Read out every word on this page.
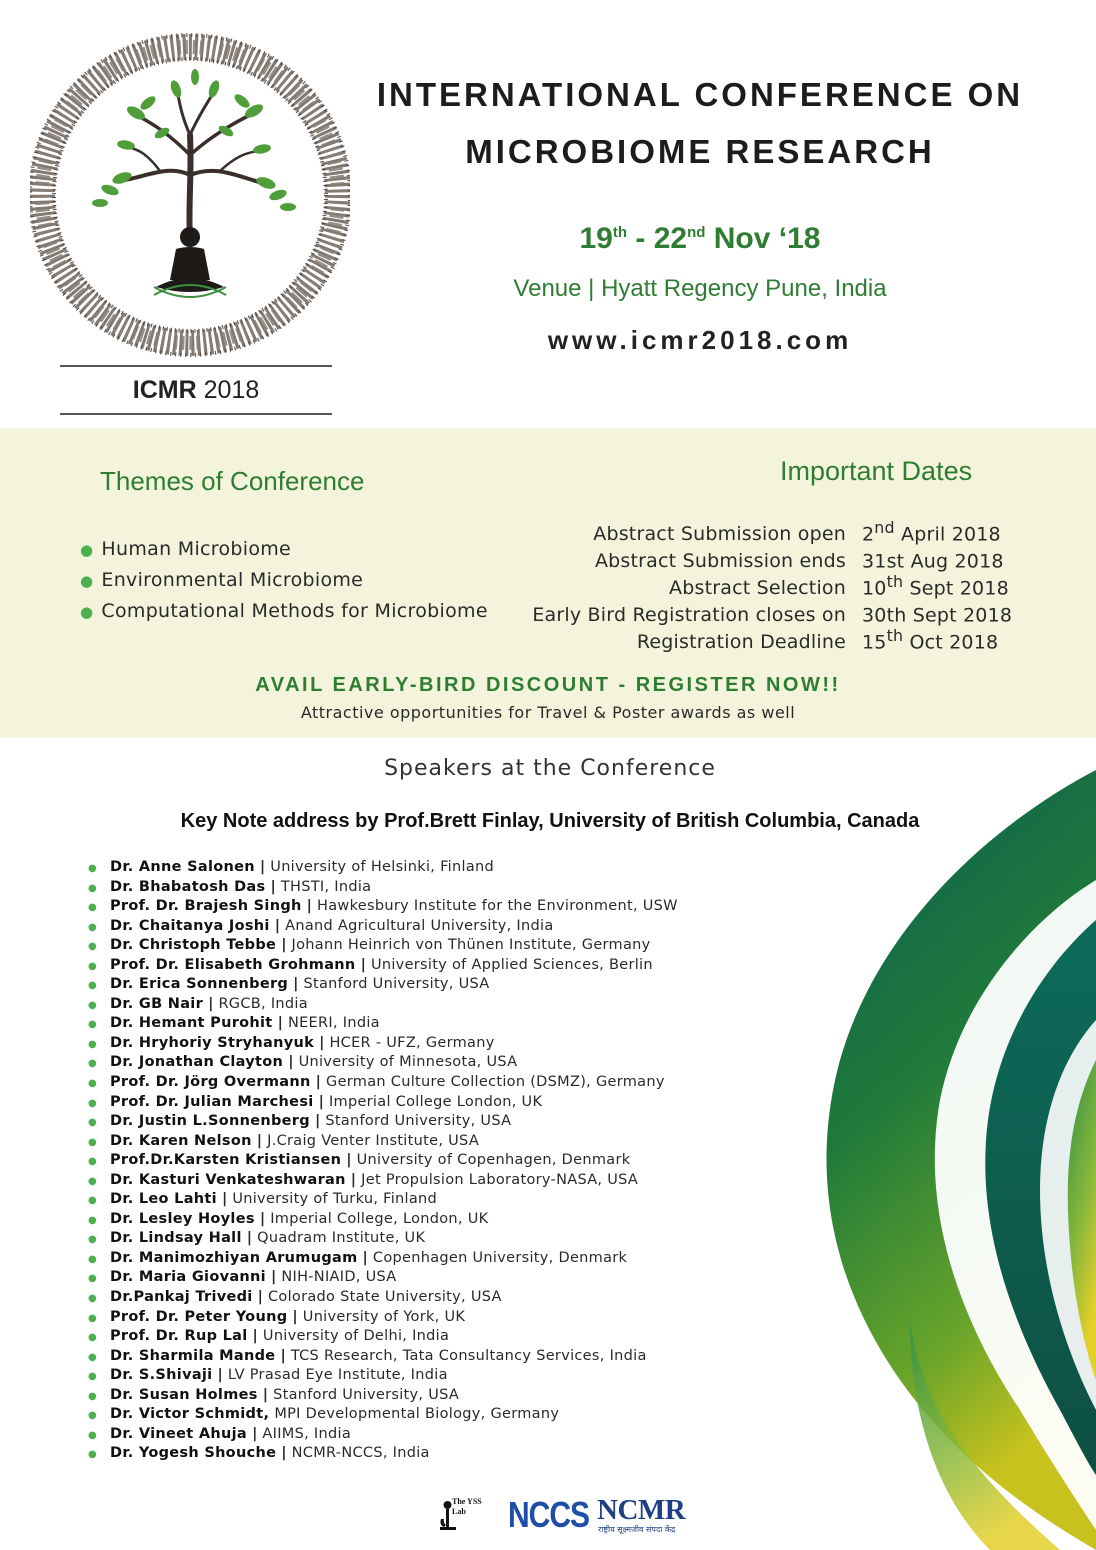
ICMR 2018
INTERNATIONAL CONFERENCE ON
MICROBIOME RESEARCH
19th - 22nd Nov ‘18
Venue | Hyatt Regency Pune, India
www.icmr2018.com
Themes of Conference
● Human Microbiome
● Environmental Microbiome
● Computational Methods for Microbiome
Important Dates
Abstract Submission open 2nd April 2018
Abstract Submission ends 31st Aug 2018
Abstract Selection 10th Sept 2018
Early Bird Registration closes on 30th Sept 2018
Registration Deadline 15th Oct 2018
AVAIL EARLY-BIRD DISCOUNT - REGISTER NOW!!
Attractive opportunities for Travel & Poster awards as well
Speakers at the Conference
Key Note address by Prof.Brett Finlay, University of British Columbia, Canada
● Dr. Anne Salonen | University of Helsinki, Finland
● Dr. Bhabatosh Das | THSTI, India
● Prof. Dr. Brajesh Singh | Hawkesbury Institute for the Environment, USW
● Dr. Chaitanya Joshi | Anand Agricultural University, India
● Dr. Christoph Tebbe | Johann Heinrich von Thünen Institute, Germany
● Prof. Dr. Elisabeth Grohmann | University of Applied Sciences, Berlin
● Dr. Erica Sonnenberg | Stanford University, USA
● Dr. GB Nair | RGCB, India
● Dr. Hemant Purohit | NEERI, India
● Dr. Hryhoriy Stryhanyuk | HCER - UFZ, Germany
● Dr. Jonathan Clayton | University of Minnesota, USA
● Prof. Dr. Jörg Overmann | German Culture Collection (DSMZ), Germany
● Prof. Dr. Julian Marchesi | Imperial College London, UK
● Dr. Justin L.Sonnenberg | Stanford University, USA
● Dr. Karen Nelson | J.Craig Venter Institute, USA
● Prof.Dr.Karsten Kristiansen | University of Copenhagen, Denmark
● Dr. Kasturi Venkateshwaran | Jet Propulsion Laboratory-NASA, USA
● Dr. Leo Lahti | University of Turku, Finland
● Dr. Lesley Hoyles | Imperial College, London, UK
● Dr. Lindsay Hall | Quadram Institute, UK
● Dr. Manimozhiyan Arumugam | Copenhagen University, Denmark
● Dr. Maria Giovanni | NIH-NIAID, USA
● Dr.Pankaj Trivedi | Colorado State University, USA
● Prof. Dr. Peter Young | University of York, UK
● Prof. Dr. Rup Lal | University of Delhi, India
● Dr. Sharmila Mande | TCS Research, Tata Consultancy Services, India
● Dr. S.Shivaji | LV Prasad Eye Institute, India
● Dr. Susan Holmes | Stanford University, USA
● Dr. Victor Schmidt, MPI Developmental Biology, Germany
● Dr. Vineet Ahuja | AIIMS, India
● Dr. Yogesh Shouche | NCMR-NCCS, India
The YSS Lab	NCCS NCMR
राष्ट्रीय सूक्ष्मजीव संपदा केंद्र
